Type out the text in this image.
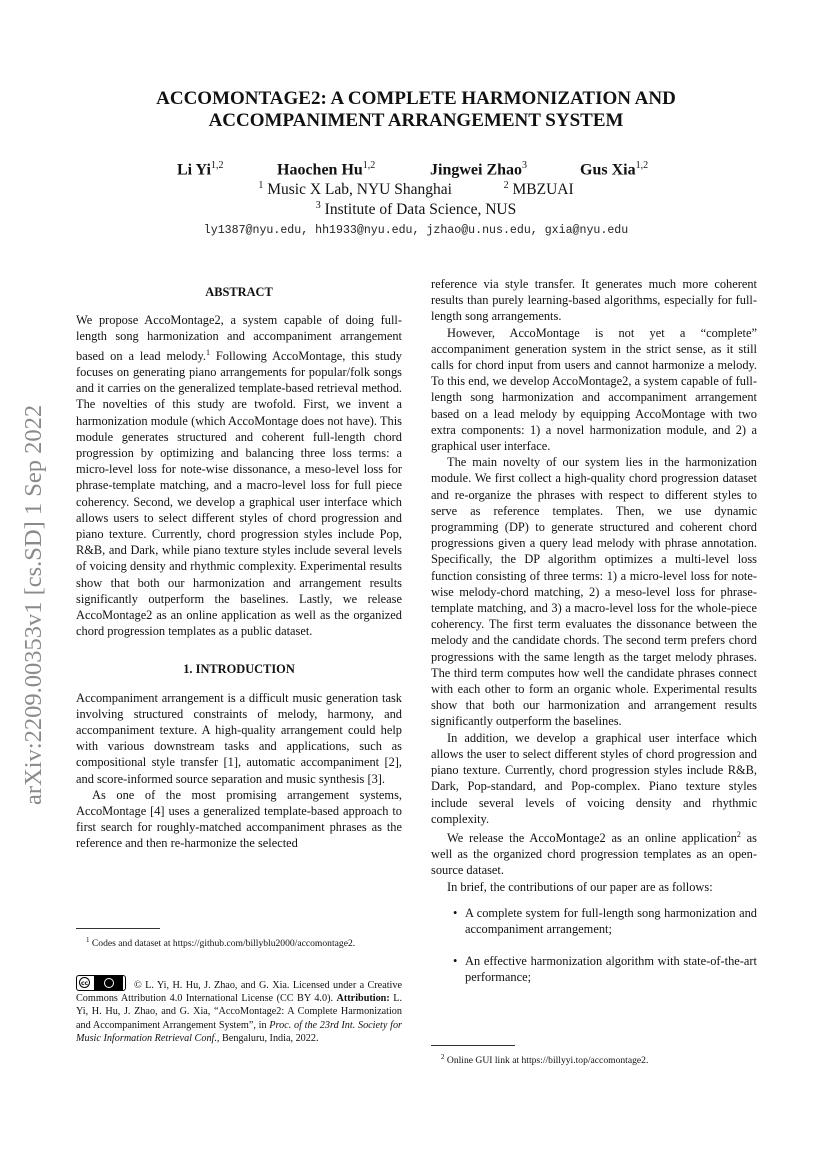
arXiv:2209.00353v1 [cs.SD] 1 Sep 2022
ACCOMONTAGE2: A COMPLETE HARMONIZATION AND
ACCOMPANIMENT ARRANGEMENT SYSTEM
Li Yi$^{1,2}$	Haochen Hu$^{1,2}$	Jingwei Zhao$^3$	Gus Xia$^{1,2}$
$^1$ Music X Lab, NYU Shanghai	$^2$ MBZUAI
$^3$ Institute of Data Science, NUS
ly1387@nyu.edu, hh1933@nyu.edu, jzhao@u.nus.edu, gxia@nyu.edu
ABSTRACT

We propose AccoMontage2, a system capable of doing full-length song harmonization and accompaniment arrangement based on a lead melody.$^1$ Following AccoMontage, this study focuses on generating piano arrangements for popular/folk songs and it carries on the generalized template-based retrieval method. The novelties of this study are twofold. First, we invent a harmonization module (which AccoMontage does not have). This module generates structured and coherent full-length chord progression by optimizing and balancing three loss terms: a micro-level loss for note-wise dissonance, a meso-level loss for phrase-template matching, and a macro-level loss for full piece coherency. Second, we develop a graphical user interface which allows users to select different styles of chord progression and piano texture. Currently, chord progression styles include Pop, R&B, and Dark, while piano texture styles include several levels of voicing density and rhythmic complexity. Experimental results show that both our harmonization and arrangement results significantly outperform the baselines. Lastly, we release AccoMontage2 as an online application as well as the organized chord progression templates as a public dataset.

1. INTRODUCTION

Accompaniment arrangement is a difficult music generation task involving structured constraints of melody, harmony, and accompaniment texture. A high-quality arrangement could help with various downstream tasks and applications, such as compositional style transfer [1], automatic accompaniment [2], and score-informed source separation and music synthesis [3].

As one of the most promising arrangement systems, AccoMontage [4] uses a generalized template-based approach to first search for roughly-matched accompaniment phrases as the reference and then re-harmonize the selected

$^1$ Codes and dataset at https://github.com/billyblu2000/accomontage2.
cc	© L. Yi, H. Hu, J. Zhao, and G. Xia. Licensed under a Creative Commons Attribution 4.0 International License (CC BY 4.0). Attribution: L. Yi, H. Hu, J. Zhao, and G. Xia, “AccoMontage2: A Complete Harmonization and Accompaniment Arrangement System”, in Proc. of the 23rd Int. Society for Music Information Retrieval Conf., Bengaluru, India, 2022.

reference via style transfer. It generates much more coherent results than purely learning-based algorithms, especially for full-length song arrangements.

However, AccoMontage is not yet a “complete” accompaniment generation system in the strict sense, as it still calls for chord input from users and cannot harmonize a melody. To this end, we develop AccoMontage2, a system capable of full-length song harmonization and accompaniment arrangement based on a lead melody by equipping AccoMontage with two extra components: 1) a novel harmonization module, and 2) a graphical user interface.

The main novelty of our system lies in the harmonization module. We first collect a high-quality chord progression dataset and re-organize the phrases with respect to different styles to serve as reference templates. Then, we use dynamic programming (DP) to generate structured and coherent chord progressions given a query lead melody with phrase annotation. Specifically, the DP algorithm optimizes a multi-level loss function consisting of three terms: 1) a micro-level loss for note-wise melody-chord matching, 2) a meso-level loss for phrase-template matching, and 3) a macro-level loss for the whole-piece coherency. The first term evaluates the dissonance between the melody and the candidate chords. The second term prefers chord progressions with the same length as the target melody phrases. The third term computes how well the candidate phrases connect with each other to form an organic whole. Experimental results show that both our harmonization and arrangement results significantly outperform the baselines.

In addition, we develop a graphical user interface which allows the user to select different styles of chord progression and piano texture. Currently, chord progression styles include R&B, Dark, Pop-standard, and Pop-complex. Piano texture styles include several levels of voicing density and rhythmic complexity.

We release the AccoMontage2 as an online application$^2$ as well as the organized chord progression templates as an open-source dataset.

In brief, the contributions of our paper are as follows:

• A complete system for full-length song harmonization and accompaniment arrangement;
• An effective harmonization algorithm with state-of-the-art performance;
$^2$ Online GUI link at https://billyyi.top/accomontage2.
